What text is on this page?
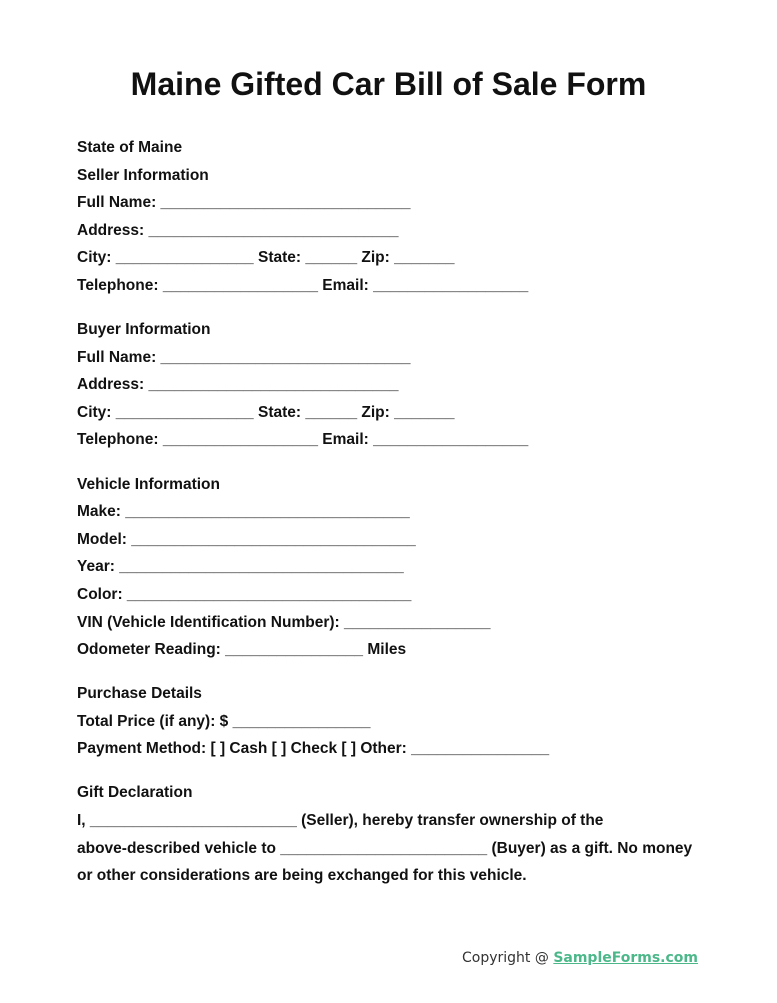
Maine Gifted Car Bill of Sale Form
State of Maine
Seller Information
Full Name: _____________________________
Address: _____________________________
City: ________________ State: ______ Zip: _______
Telephone: __________________ Email: __________________
Buyer Information
Full Name: _____________________________
Address: _____________________________
City: ________________ State: ______ Zip: _______
Telephone: __________________ Email: __________________
Vehicle Information
Make: _________________________________
Model: _________________________________
Year: _________________________________
Color: _________________________________
VIN (Vehicle Identification Number): _________________
Odometer Reading: ________________ Miles
Purchase Details
Total Price (if any): $ ________________
Payment Method: [ ] Cash [ ] Check [ ] Other: ________________
Gift Declaration
I, ________________________ (Seller), hereby transfer ownership of the
above-described vehicle to ________________________ (Buyer) as a gift. No money
or other considerations are being exchanged for this vehicle.
Copyright @ SampleForms.com
